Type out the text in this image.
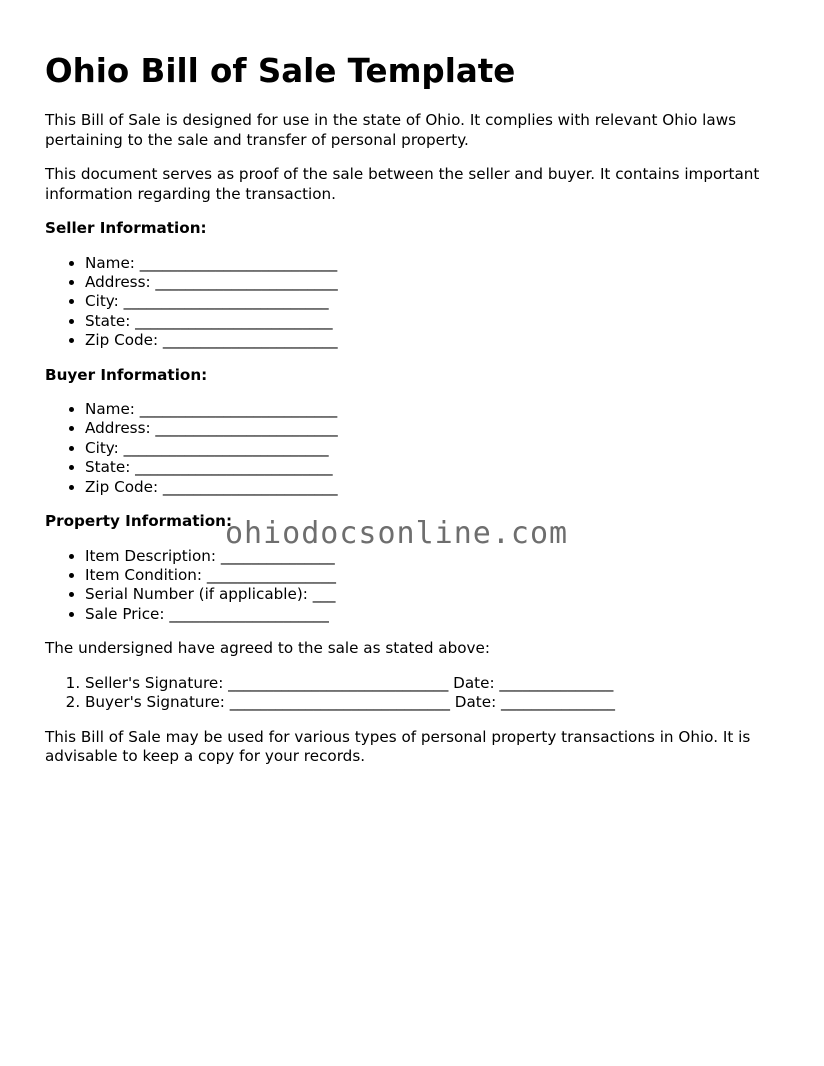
Ohio Bill of Sale Template

This Bill of Sale is designed for use in the state of Ohio. It complies with relevant Ohio laws pertaining to the sale and transfer of personal property.

This document serves as proof of the sale between the seller and buyer. It contains important information regarding the transaction.

Seller Information:
• Name: __________________________
• Address: ________________________
• City: ___________________________
• State: __________________________
• Zip Code: _______________________
Buyer Information:
• Name: __________________________
• Address: ________________________
• City: ___________________________
• State: __________________________
• Zip Code: _______________________
Property Information:
• Item Description: _______________
• Item Condition: _________________
• Serial Number (if applicable): ___
• Sale Price: _____________________

The undersigned have agreed to the sale as stated above:

1. Seller's Signature: _____________________________ Date: _______________
2. Buyer's Signature: _____________________________ Date: _______________

This Bill of Sale may be used for various types of personal property transactions in Ohio. It is advisable to keep a copy for your records.

ohiodocsonline.com
